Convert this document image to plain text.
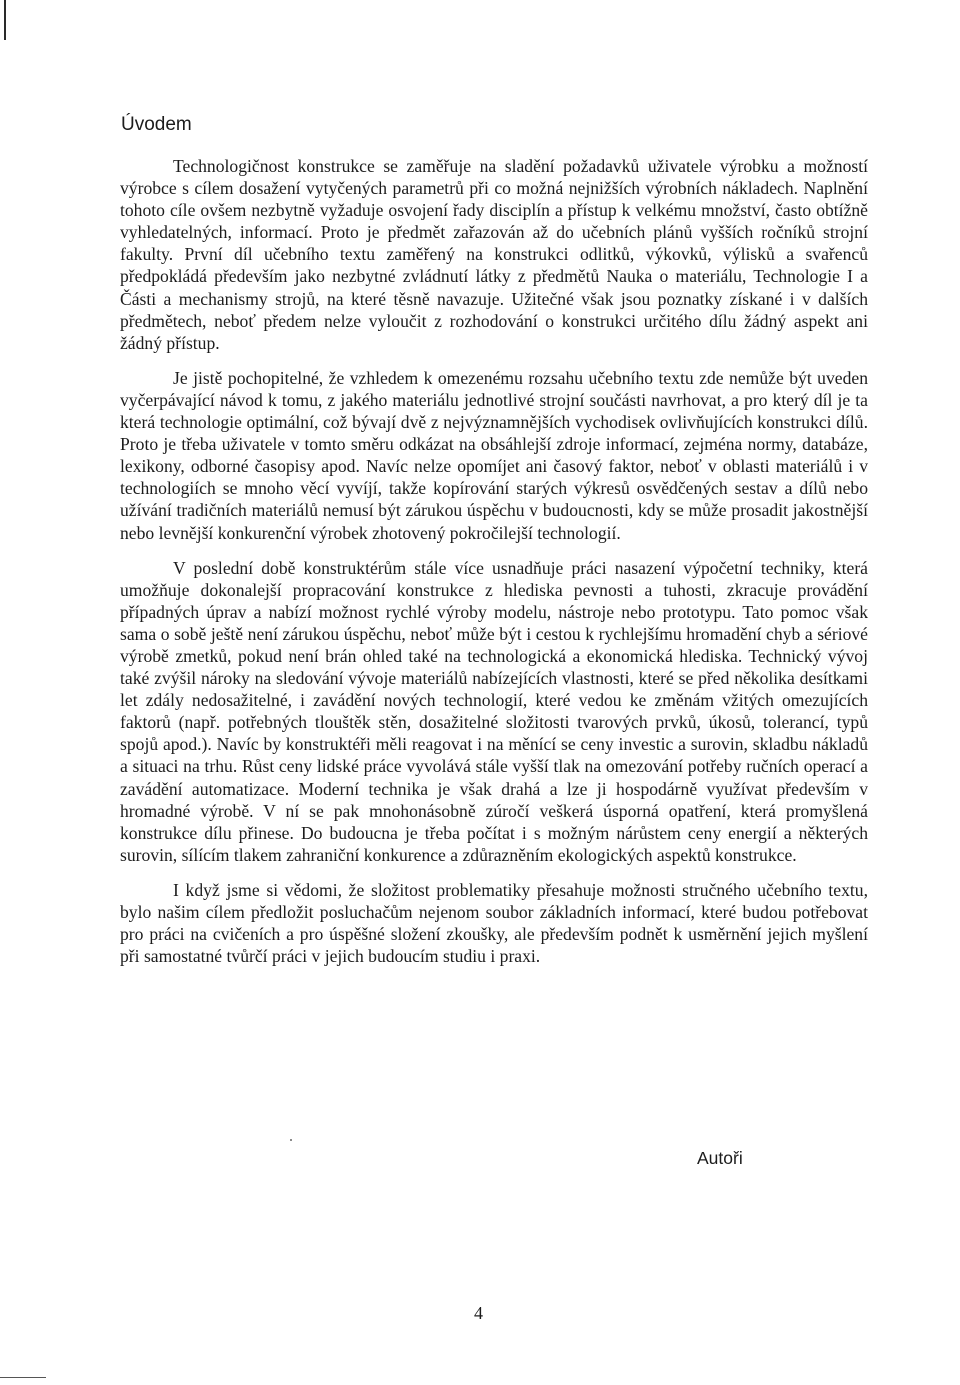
Úvodem

Technologičnost konstrukce se zaměřuje na sladění požadavků uživatele výrobku a možností výrobce s cílem dosažení vytyčených parametrů při co možná nejnižších výrobních nákladech. Naplnění tohoto cíle ovšem nezbytně vyžaduje osvojení řady disciplín a přístup k velkému množství, často obtížně vyhledatelných, informací. Proto je předmět zařazován až do učebních plánů vyšších ročníků strojní fakulty. První díl učebního textu zaměřený na konstrukci odlitků, výkovků, výlisků a svařenců předpokládá především jako nezbytné zvládnutí látky z předmětů Nauka o materiálu, Technologie I a Části a mechanismy strojů, na které těsně navazuje. Užitečné však jsou poznatky získané i v dalších předmětech, neboť předem nelze vyloučit z rozhodování o konstrukci určitého dílu žádný aspekt ani žádný přístup.

Je jistě pochopitelné, že vzhledem k omezenému rozsahu učebního textu zde nemůže být uveden vyčerpávající návod k tomu, z jakého materiálu jednotlivé strojní součásti navrhovat, a pro který díl je ta která technologie optimální, což bývají dvě z nejvýznamnějších vychodisek ovlivňujících konstrukci dílů. Proto je třeba uživatele v tomto směru odkázat na obsáhlejší zdroje informací, zejména normy, databáze, lexikony, odborné časopisy apod. Navíc nelze opomíjet ani časový faktor, neboť v oblasti materiálů i v technologiích se mnoho věcí vyvíjí, takže kopírování starých výkresů osvědčených sestav a dílů nebo užívání tradičních materiálů nemusí být zárukou úspěchu v budoucnosti, kdy se může prosadit jakostnější nebo levnější konkurenční výrobek zhotovený pokročilejší technologií.

V poslední době konstruktérům stále více usnadňuje práci nasazení výpočetní techniky, která umožňuje dokonalejší propracování konstrukce z hlediska pevnosti a tuhosti, zkracuje provádění případných úprav a nabízí možnost rychlé výroby modelu, nástroje nebo prototypu. Tato pomoc však sama o sobě ještě není zárukou úspěchu, neboť může být i cestou k rychlejšímu hromadění chyb a sériové výrobě zmetků, pokud není brán ohled také na technologická a ekonomická hlediska. Technický vývoj také zvýšil nároky na sledování vývoje materiálů nabízejících vlastnosti, které se před několika desítkami let zdály nedosažitelné, i zavádění nových technologií, které vedou ke změnám vžitých omezujících faktorů (např. potřebných tlouštěk stěn, dosažitelné složitosti tvarových prvků, úkosů, tolerancí, typů spojů apod.). Navíc by konstruktéři měli reagovat i na měnící se ceny investic a surovin, skladbu nákladů a situaci na trhu. Růst ceny lidské práce vyvolává stále vyšší tlak na omezování potřeby ručních operací a zavádění automatizace. Moderní technika je však drahá a lze ji hospodárně využívat především v hromadné výrobě. V ní se pak mnohonásobně zúročí veškerá úsporná opatření, která promyšlená konstrukce dílu přinese. Do budoucna je třeba počítat i s možným nárůstem ceny energií a některých surovin, sílícím tlakem zahraniční konkurence a zdůrazněním ekologických aspektů konstrukce.

I když jsme si vědomi, že složitost problematiky přesahuje možnosti stručného učebního textu, bylo našim cílem předložit posluchačům nejenom soubor základních informací, které budou potřebovat pro práci na cvičeních a pro úspěšné složení zkoušky, ale především podnět k usměrnění jejich myšlení při samostatné tvůrčí práci v jejich budoucím studiu i praxi.

Autoři
4
